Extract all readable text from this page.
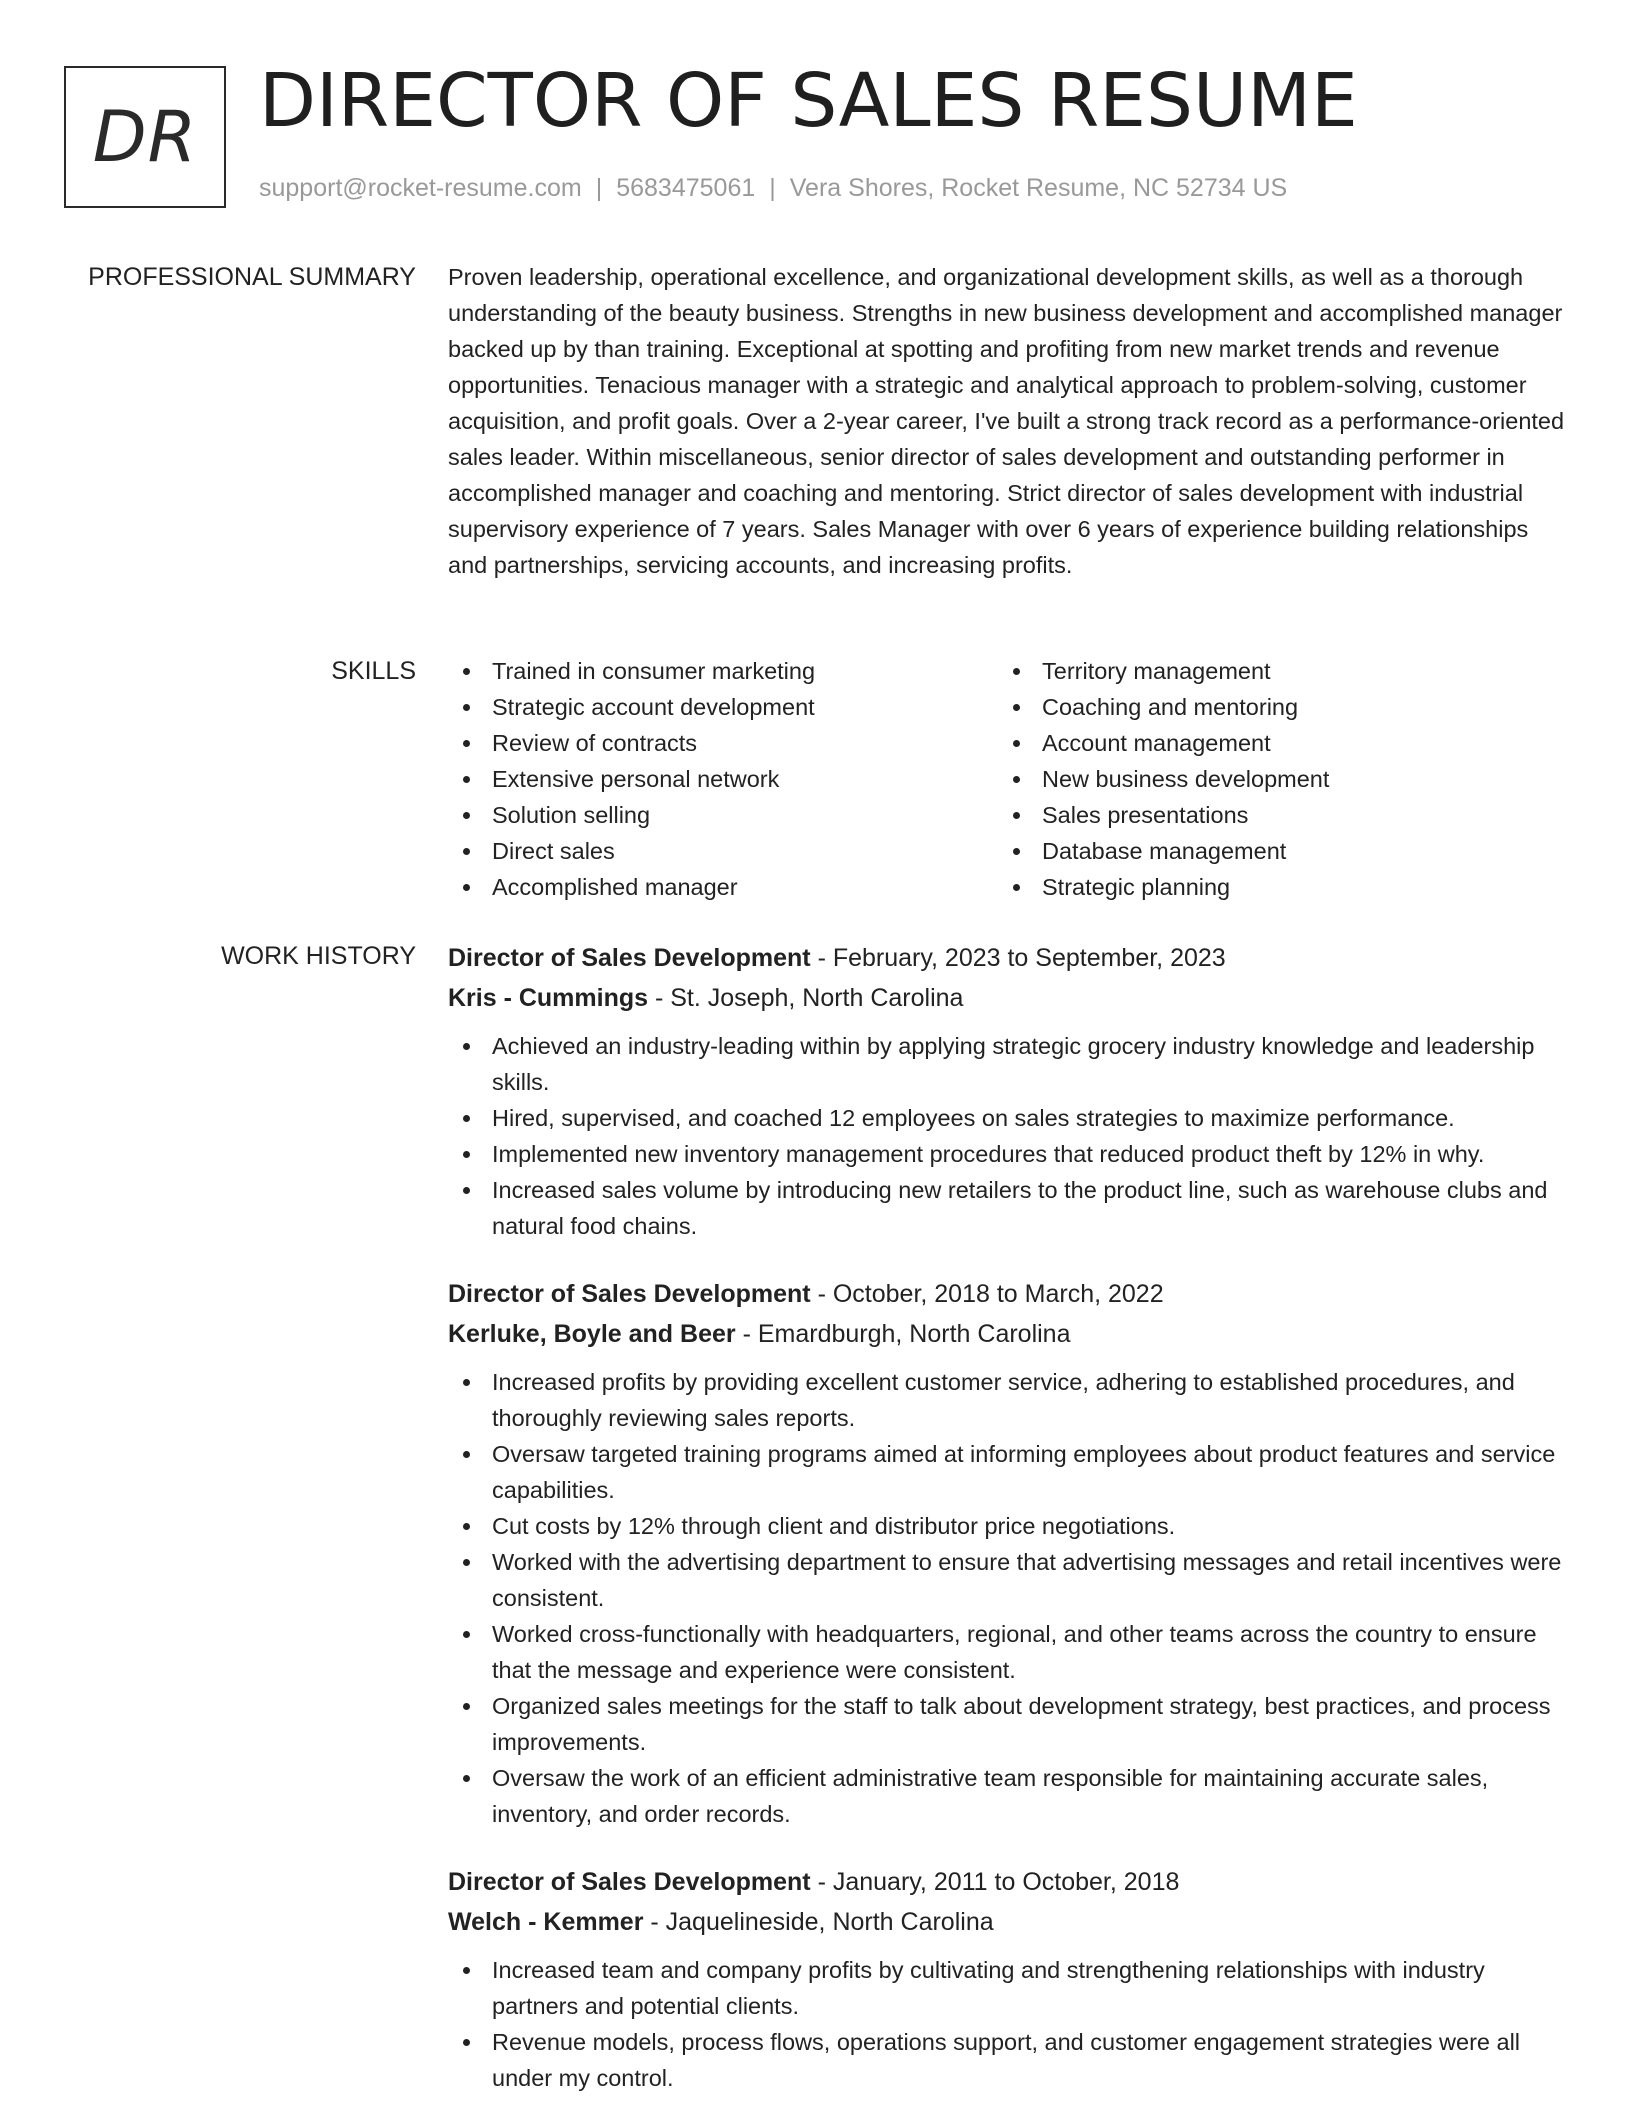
DR DIRECTOR OF SALES RESUME
support@rocket-resume.com | 5683475061 | Vera Shores, Rocket Resume, NC 52734 US
PROFESSIONAL SUMMARY Proven leadership, operational excellence, and organizational development skills, as well as a thorough understanding of the beauty business. Strengths in new business development and accomplished manager backed up by than training. Exceptional at spotting and profiting from new market trends and revenue opportunities. Tenacious manager with a strategic and analytical approach to problem-solving, customer acquisition, and profit goals. Over a 2-year career, I've built a strong track record as a performance-oriented sales leader. Within miscellaneous, senior director of sales development and outstanding performer in accomplished manager and coaching and mentoring. Strict director of sales development with industrial supervisory experience of 7 years. Sales Manager with over 6 years of experience building relationships and partnerships, servicing accounts, and increasing profits.

SKILLS	Trained in consumer marketing
Strategic account development
Review of contracts
Extensive personal network
Solution selling
Direct sales
Accomplished manager
Territory management
Coaching and mentoring
Account management
New business development
Sales presentations
Database management
Strategic planning
WORK HISTORY Director of Sales Development - February, 2023 to September, 2023
Kris - Cummings - St. Joseph, North Carolina
Achieved an industry-leading within by applying strategic grocery industry knowledge and leadership skills.
Hired, supervised, and coached 12 employees on sales strategies to maximize performance.
Implemented new inventory management procedures that reduced product theft by 12% in why.
Increased sales volume by introducing new retailers to the product line, such as warehouse clubs and natural food chains.
Director of Sales Development - October, 2018 to March, 2022
Kerluke, Boyle and Beer - Emardburgh, North Carolina
Increased profits by providing excellent customer service, adhering to established procedures, and thoroughly reviewing sales reports.
Oversaw targeted training programs aimed at informing employees about product features and service capabilities.
Cut costs by 12% through client and distributor price negotiations.
Worked with the advertising department to ensure that advertising messages and retail incentives were consistent.
Worked cross-functionally with headquarters, regional, and other teams across the country to ensure that the message and experience were consistent.
Organized sales meetings for the staff to talk about development strategy, best practices, and process improvements.
Oversaw the work of an efficient administrative team responsible for maintaining accurate sales, inventory, and order records.
Director of Sales Development - January, 2011 to October, 2018
Welch - Kemmer - Jaquelineside, North Carolina
Increased team and company profits by cultivating and strengthening relationships with industry partners and potential clients.
Revenue models, process flows, operations support, and customer engagement strategies were all under my control.
